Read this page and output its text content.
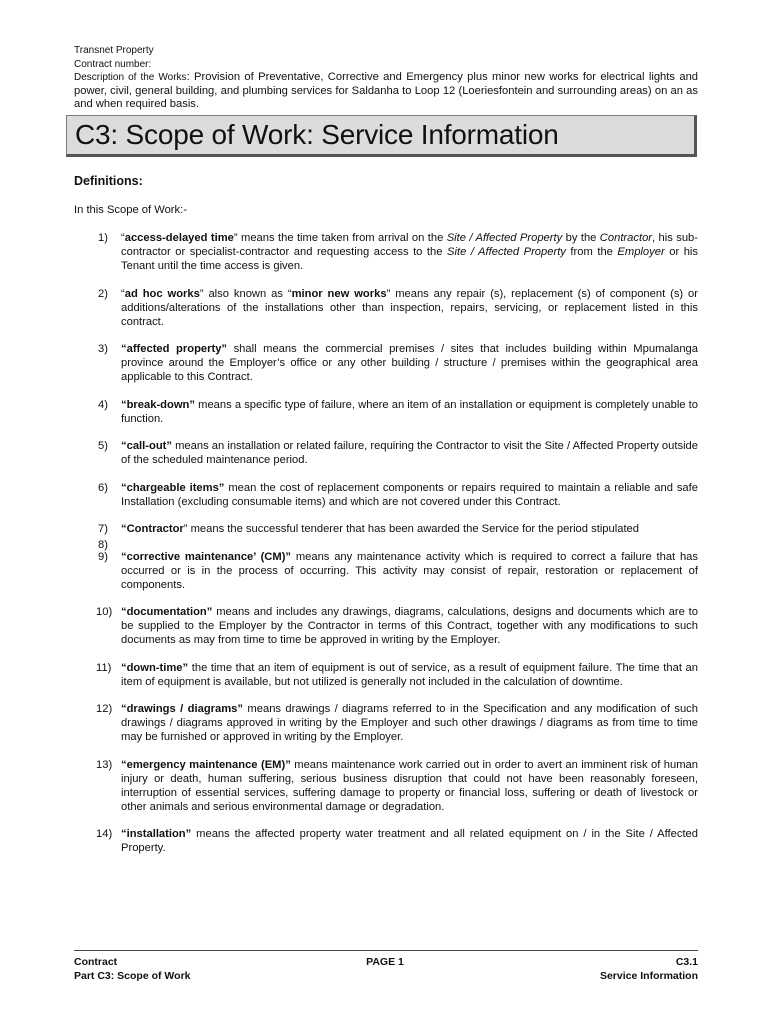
Transnet Property
Contract number:
Description of the Works: Provision of Preventative, Corrective and Emergency plus minor new works for electrical lights and power, civil, general building, and plumbing services for Saldanha to Loop 12 (Loeriesfontein and surrounding areas) on an as and when required basis.
C3: Scope of Work: Service Information
Definitions:
In this Scope of Work:-
1) “access-delayed time” means the time taken from arrival on the Site / Affected Property by the Contractor, his sub-contractor or specialist-contractor and requesting access to the Site / Affected Property from the Employer or his Tenant until the time access is given.
2) “ad hoc works” also known as “minor new works” means any repair (s), replacement (s) of component (s) or additions/alterations of the installations other than inspection, repairs, servicing, or replacement listed in this contract.
3) “affected property” shall means the commercial premises / sites that includes building within Mpumalanga province around the Employer’s office or any other building / structure / premises within the geographical area applicable to this Contract.
4) “break-down” means a specific type of failure, where an item of an installation or equipment is completely unable to function.
5) “call-out” means an installation or related failure, requiring the Contractor to visit the Site / Affected Property outside of the scheduled maintenance period.
6) “chargeable items” mean the cost of replacement components or repairs required to maintain a reliable and safe Installation (excluding consumable items) and which are not covered under this Contract.
7) “Contractor” means the successful tenderer that has been awarded the Service for the period stipulated
8)
9) “corrective maintenance’ (CM)” means any maintenance activity which is required to correct a failure that has occurred or is in the process of occurring. This activity may consist of repair, restoration or replacement of components.
10) “documentation” means and includes any drawings, diagrams, calculations, designs and documents which are to be supplied to the Employer by the Contractor in terms of this Contract, together with any modifications to such documents as may from time to time be approved in writing by the Employer.
11) “down-time” the time that an item of equipment is out of service, as a result of equipment failure. The time that an item of equipment is available, but not utilized is generally not included in the calculation of downtime.
12) “drawings / diagrams” means drawings / diagrams referred to in the Specification and any modification of such drawings / diagrams approved in writing by the Employer and such other drawings / diagrams as from time to time may be furnished or approved in writing by the Employer.
13) “emergency maintenance (EM)” means maintenance work carried out in order to avert an imminent risk of human injury or death, human suffering, serious business disruption that could not have been reasonably foreseen, interruption of essential services, suffering damage to property or financial loss, suffering or death of livestock or other animals and serious environmental damage or degradation.
14) “installation” means the affected property water treatment and all related equipment on / in the Site / Affected Property.
Contract
Part C3: Scope of Work
PAGE 1	C3.1
Service Information
